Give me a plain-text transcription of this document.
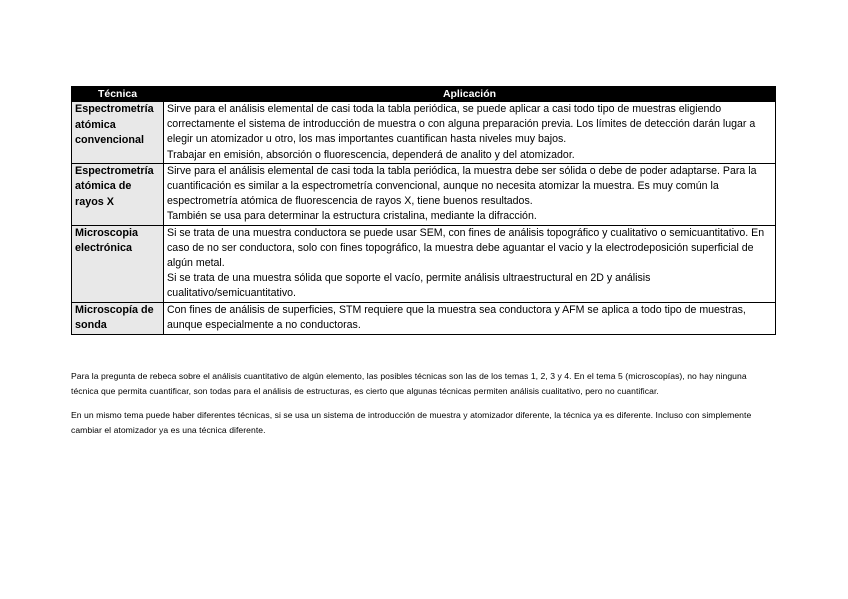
Técnica	Aplicación
Espectrometría atómica convencional	Sirve para el análisis elemental de casi toda la tabla periódica, se puede aplicar a casi todo tipo de muestras eligiendo correctamente el sistema de introducción de muestra o con alguna preparación previa. Los límites de detección darán lugar a elegir un atomizador u otro, los mas importantes cuantifican hasta niveles muy bajos.

Trabajar en emisión, absorción o fluorescencia, dependerá de analito y del atomizador.

Espectrometría atómica de rayos X	Sirve para el análisis elemental de casi toda la tabla periódica, la muestra debe ser sólida o debe de poder adaptarse. Para la cuantificación es similar a la espectrometría convencional, aunque no necesita atomizar la muestra. Es muy común la espectrometría atómica de fluorescencia de rayos X, tiene buenos resultados.

También se usa para determinar la estructura cristalina, mediante la difracción.

Microscopia electrónica	Si se trata de una muestra conductora se puede usar SEM, con fines de análisis topográfico y cualitativo o semicuantitativo. En caso de no ser conductora, solo con fines topográfico, la muestra debe aguantar el vacio y la electrodeposición superficial de algún metal.

Si se trata de una muestra sólida que soporte el vacío, permite análisis ultraestructural en 2D y análisis cualitativo/semicuantitativo.

Microscopía de sonda	Con fines de análisis de superficies, STM requiere que la muestra sea conductora y AFM se aplica a todo tipo de muestras, aunque especialmente a no conductoras.

Para la pregunta de rebeca sobre el análisis cuantitativo de algún elemento, las posibles técnicas son las de los temas 1, 2, 3 y 4. En el tema 5 (microscopías), no hay ninguna técnica que permita cuantificar, son todas para el análisis de estructuras, es cierto que algunas técnicas permiten análisis cualitativo, pero no cuantificar.

En un mismo tema puede haber diferentes técnicas, si se usa un sistema de introducción de muestra y atomizador diferente, la técnica ya es diferente. Incluso con simplemente cambiar el atomizador ya es una técnica diferente.
